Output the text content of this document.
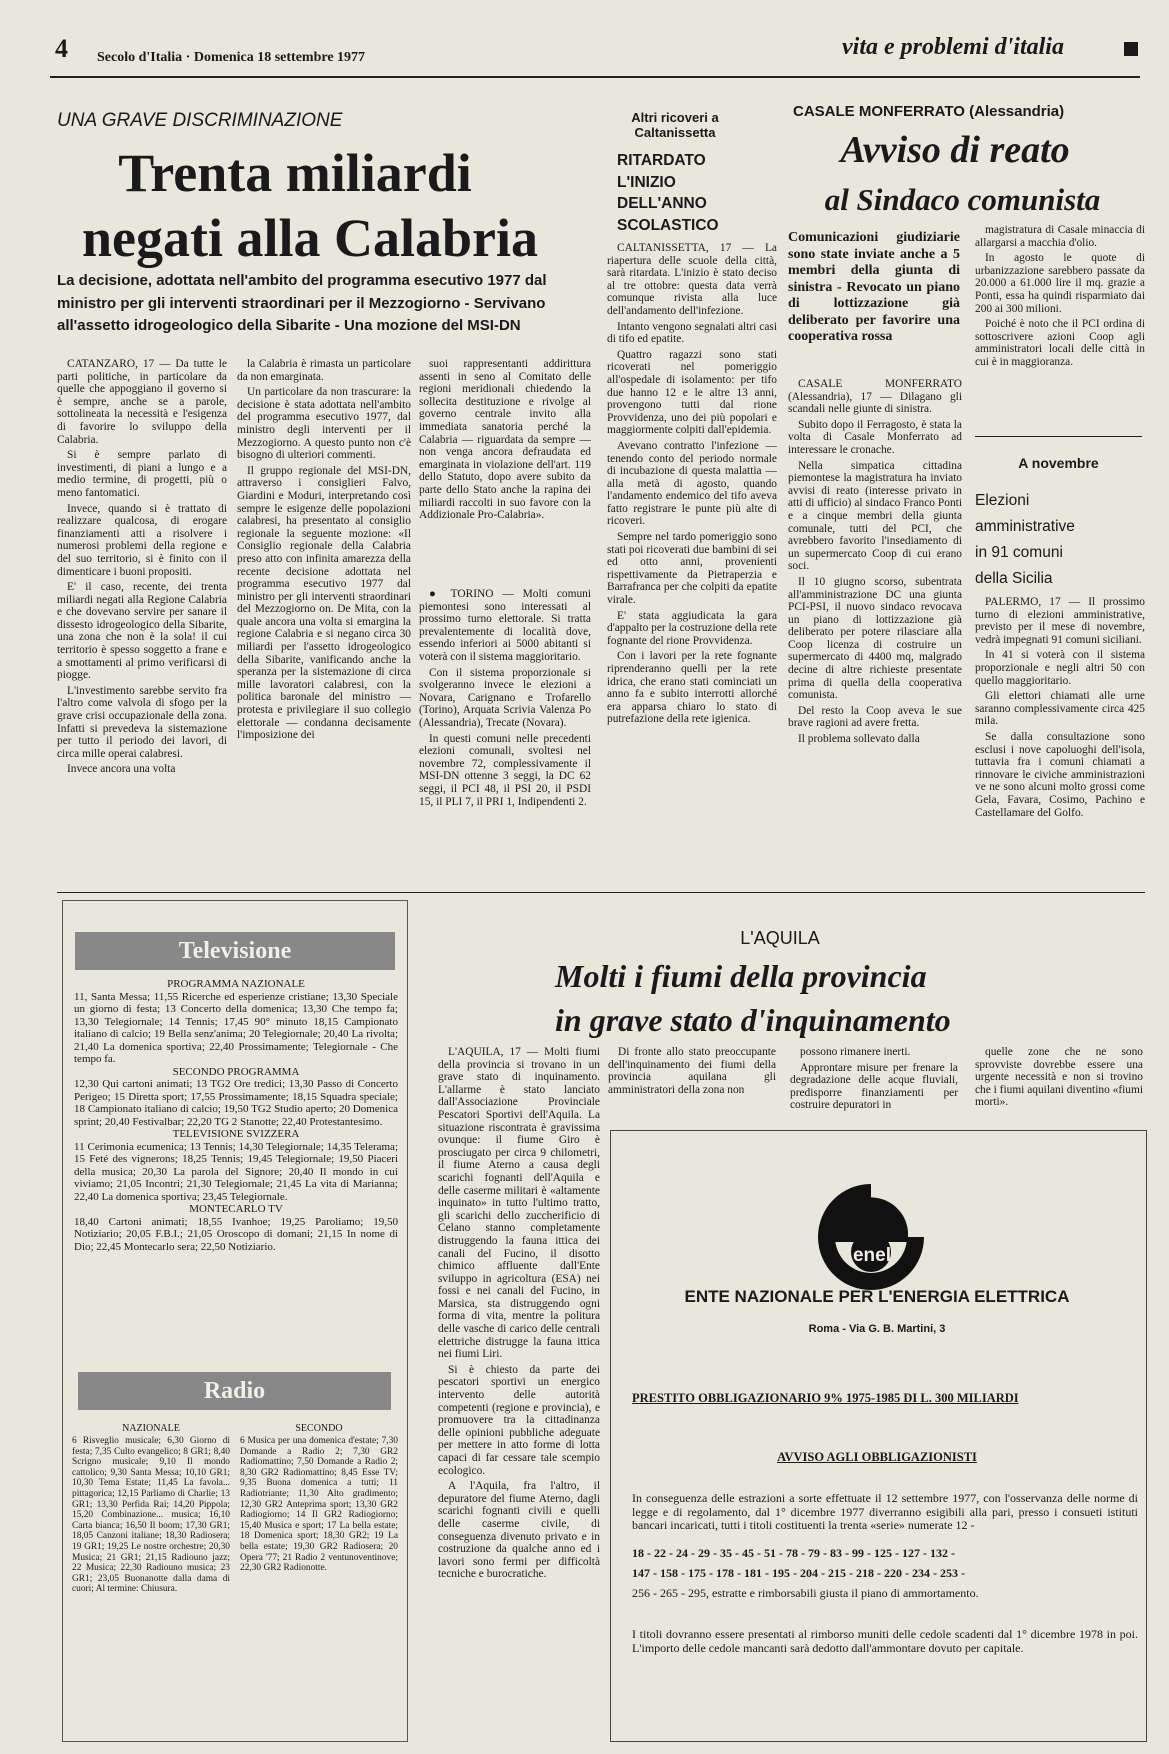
4 Secolo d'Italia · Domenica 18 settembre 1977	vita e problemi d'italia
UNA GRAVE DISCRIMINAZIONE
Trenta miliardi
negati alla Calabria
La decisione, adottata nell'ambito del programma esecutivo 1977 dal ministro per gli interventi straordinari per il Mezzogiorno - Servivano all'assetto idrogeologico della Sibarite - Una mozione del MSI-DN

CATANZARO, 17 — Da tutte le parti politiche, in particolare da quelle che appoggiano il governo si è sempre, anche se a parole, sottolineata la necessità e l'esigenza di favorire lo sviluppo della Calabria.

Si è sempre parlato di investimenti, di piani a lungo e a medio termine, di progetti, più o meno fantomatici.

Invece, quando si è trattato di realizzare qualcosa, di erogare finanziamenti atti a risolvere i numerosi problemi della regione e del suo territorio, si è finito con il dimenticare i buoni propositi.

E' il caso, recente, dei trenta miliardi negati alla Regione Calabria e che dovevano servire per sanare il dissesto idrogeologico della Sibarite, una zona che non è la sola! il cui territorio è spesso soggetto a frane e a smottamenti al primo verificarsi di piogge.

L'investimento sarebbe servito fra l'altro come valvola di sfogo per la grave crisi occupazionale della zona. Infatti si prevedeva la sistemazione per tutto il periodo dei lavori, di circa mille operai calabresi.

Invece ancora una volta

la Calabria è rimasta un particolare da non emarginata.

Un particolare da non trascurare: la decisione è stata adottata nell'ambito del programma esecutivo 1977, dal ministro degli interventi per il Mezzogiorno. A questo punto non c'è bisogno di ulteriori commenti.

Il gruppo regionale del MSI-DN, attraverso i consiglieri Falvo, Giardini e Moduri, interpretando così sempre le esigenze delle popolazioni calabresi, ha presentato al consiglio regionale la seguente mozione: «Il Consiglio regionale della Calabria preso atto con infinita amarezza della recente decisione adottata nel programma esecutivo 1977 dal ministro per gli interventi straordinari del Mezzogiorno on. De Mita, con la quale ancora una volta si emargina la regione Calabria e si negano circa 30 miliardi per l'assetto idrogeologico della Sibarite, vanificando anche la speranza per la sistemazione di circa mille lavoratori calabresi, con la politica baronale del ministro — protesta e privilegiare il suo collegio elettorale — condanna decisamente l'imposizione dei

suoi rappresentanti addirittura assenti in seno al Comitato delle regioni meridionali chiedendo la sollecita destituzione e rivolge al governo centrale invito alla immediata sanatoria perché la Calabria — riguardata da sempre — non venga ancora defraudata ed emarginata in violazione dell'art. 119 dello Statuto, dopo avere subito da parte dello Stato anche la rapina dei miliardi raccolti in suo favore con la Addizionale Pro-Calabria».

● TORINO — Molti comuni piemontesi sono interessati al prossimo turno elettorale. Si tratta prevalentemente di località dove, essendo inferiori ai 5000 abitanti si voterà con il sistema maggioritario.

Con il sistema proporzionale si svolgeranno invece le elezioni a Novara, Carignano e Trofarello (Torino), Arquata Scrivia Valenza Po (Alessandria), Trecate (Novara).

In questi comuni nelle precedenti elezioni comunali, svoltesi nel novembre 72, complessivamente il MSI-DN ottenne 3 seggi, la DC 62 seggi, il PCI 48, il PSI 20, il PSDI 15, il PLI 7, il PRI 1, Indipendenti 2.

Altri ricoveri a Caltanissetta
RITARDATO
L'INIZIO
DELL'ANNO
SCOLASTICO

CALTANISSETTA, 17 — La riapertura delle scuole della città, sarà ritardata. L'inizio è stato deciso al tre ottobre: questa data verrà comunque rivista alla luce dell'andamento dell'infezione.

Intanto vengono segnalati altri casi di tifo ed epatite.

Quattro ragazzi sono stati ricoverati nel pomeriggio all'ospedale di isolamento: per tifo due hanno 12 e le altre 13 anni, provengono tutti dal rione Provvidenza, uno dei più popolari e maggiormente colpiti dall'epidemia.

Avevano contratto l'infezione — tenendo conto del periodo normale di incubazione di questa malattia — alla metà di agosto, quando l'andamento endemico del tifo aveva fatto registrare le punte più alte di ricoveri.

Sempre nel tardo pomeriggio sono stati poi ricoverati due bambini di sei ed otto anni, provenienti rispettivamente da Pietraperzia e Barrafranca per che colpiti da epatite virale.

E' stata aggiudicata la gara d'appalto per la costruzione della rete fognante del rione Provvidenza.

Con i lavori per la rete fognante riprenderanno quelli per la rete idrica, che erano stati cominciati un anno fa e subito interrotti allorché era apparsa chiaro lo stato di putrefazione della rete igienica.

CASALE MONFERRATO (Alessandria)
Avviso di reato
al Sindaco comunista
Comunicazioni giudiziarie sono state inviate anche a 5 membri della giunta di sinistra - Revocato un piano di lottizzazione già deliberato per favorire una cooperativa rossa

CASALE MONFERRATO (Alessandria), 17 — Dilagano gli scandali nelle giunte di sinistra.

Subito dopo il Ferragosto, è stata la volta di Casale Monferrato ad interessare le cronache.

Nella simpatica cittadina piemontese la magistratura ha inviato avvisi di reato (interesse privato in atti di ufficio) al sindaco Franco Ponti e a cinque membri della giunta comunale, tutti del PCI, che avrebbero favorito l'insediamento di un supermercato Coop di cui erano soci.

Il 10 giugno scorso, subentrata all'amministrazione DC una giunta PCI-PSI, il nuovo sindaco revocava un piano di lottizzazione già deliberato per potere rilasciare alla Coop licenza di costruire un supermercato di 4400 mq, malgrado decine di altre richieste presentate prima di quella della cooperativa comunista.

Del resto la Coop aveva le sue brave ragioni ad avere fretta.

Il problema sollevato dalla

magistratura di Casale minaccia di allargarsi a macchia d'olio.

In agosto le quote di urbanizzazione sarebbero passate da 20.000 a 61.000 lire il mq. grazie a Ponti, essa ha quindi risparmiato dai 200 ai 300 milioni.

Poiché è noto che il PCI ordina di sottoscrivere azioni Coop agli amministratori locali delle città in cui è in maggioranza.

A novembre
Elezioni
amministrative
in 91 comuni
della Sicilia

PALERMO, 17 — Il prossimo turno di elezioni amministrative, previsto per il mese di novembre, vedrà impegnati 91 comuni siciliani.

In 41 si voterà con il sistema proporzionale e negli altri 50 con quello maggioritario.

Gli elettori chiamati alle urne saranno complessivamente circa 425 mila.

Se dalla consultazione sono esclusi i nove capoluoghi dell'isola, tuttavia fra i comuni chiamati a rinnovare le civiche amministrazioni ve ne sono alcuni molto grossi come Gela, Favara, Cosimo, Pachino e Castellamare del Golfo.

Televisione

PROGRAMMA NAZIONALE

11, Santa Messa; 11,55 Ricerche ed esperienze cristiane; 13,30 Speciale un giorno di festa; 13 Concerto della domenica; 13,30 Che tempo fa; 13,30 Telegiornale; 14 Tennis; 17,45 90° minuto 18,15 Campionato italiano di calcio; 19 Bella senz'anima; 20 Telegiornale; 20,40 La rivolta; 21,40 La domenica sportiva; 22,40 Prossimamente; Telegiornale - Che tempo fa.

SECONDO PROGRAMMA

12,30 Qui cartoni animati; 13 TG2 Ore tredici; 13,30 Passo di Concerto Perigeo; 15 Diretta sport; 17,55 Prossimamente; 18,15 Squadra speciale; 18 Campionato italiano di calcio; 19,50 TG2 Studio aperto; 20 Domenica sprint; 20,40 Festivalbar; 22,20 TG 2 Stanotte; 22,40 Protestantesimo.

TELEVISIONE SVIZZERA

11 Cerimonia ecumenica; 13 Tennis; 14,30 Telegiornale; 14,35 Telerama; 15 Feté des vignerons; 18,25 Tennis; 19,45 Telegiornale; 19,50 Piaceri della musica; 20,30 La parola del Signore; 20,40 Il mondo in cui viviamo; 21,05 Incontri; 21,30 Telegiornale; 21,45 La vita di Marianna; 22,40 La domenica sportiva; 23,45 Telegiornale.

MONTECARLO TV

18,40 Cartoni animati; 18,55 Ivanhoe; 19,25 Paroliamo; 19,50 Notiziario; 20,05 F.B.I.; 21,05 Oroscopo di domani; 21,15 In nome di Dio; 22,45 Montecarlo sera; 22,50 Notiziario.

Radio
NAZIONALE	SECONDO

6 Risveglio musicale; 6,30 Giorno di festa; 7,35 Culto evangelico; 8 GR1; 8,40 Scrigno musicale; 9,10 Il mondo cattolico; 9,30 Santa Messa; 10,10 GR1; 10,30 Tema Estate; 11,45 La favola... pittagorica; 12,15 Parliamo di Charlie; 13 GR1; 13,30 Perfida Rai; 14,20 Pippola; 15,20 Combinazione... musica; 16,10 Carta bianca; 16,50 Il boom; 17,30 GR1; 18,05 Canzoni italiane; 18,30 Radiosera; 19 GR1; 19,25 Le nostre orchestre; 20,30 Musica; 21 GR1; 21,15 Radiouno jazz; 22 Musica; 22,30 Radiouno musica; 23 GR1; 23,05 Buonanotte dalla dama di cuori; Al termine: Chiusura.

6 Musica per una domenica d'estate; 7,30 Domande a Radio 2; 7,30 GR2 Radiomattino; 7,50 Domande a Radio 2; 8,30 GR2 Radiomattino; 8,45 Esse TV; 9,35 Buona domenica a tutti; 11 Radiotriante; 11,30 Alto gradimento; 12,30 GR2 Anteprima sport; 13,30 GR2 Radiogiorno; 14 Il GR2 Radiogiorno; 15,40 Musica e sport; 17 La bella estate; 18 Domenica sport; 18,30 GR2; 19 La bella estate; 19,30 GR2 Radiosera; 20 Opera '77; 21 Radio 2 ventunoventinove; 22,30 GR2 Radionotte.

L'AQUILA
Molti i fiumi della provincia
in grave stato d'inquinamento

L'AQUILA, 17 — Molti fiumi della provincia si trovano in un grave stato di inquinamento. L'allarme è stato lanciato dall'Associazione Provinciale Pescatori Sportivi dell'Aquila. La situazione riscontrata è gravissima ovunque: il fiume Giro è prosciugato per circa 9 chilometri, il fiume Aterno a causa degli scarichi fognanti dell'Aquila e delle caserme militari è «altamente inquinato» in tutto l'ultimo tratto, gli scarichi dello zuccherificio di Celano stanno completamente distruggendo la fauna ittica dei canali del Fucino, il disotto chimico affluente dall'Ente sviluppo in agricoltura (ESA) nei fossi e nei canali del Fucino, in Marsica, sta distruggendo ogni forma di vita, mentre la politura delle vasche di carico delle centrali elettriche distrugge la fauna ittica nei fiumi Liri.

Si è chiesto da parte dei pescatori sportivi un energico intervento delle autorità competenti (regione e provincia), e promuovere tra la cittadinanza delle opinioni pubbliche adeguate per mettere in atto forme di lotta capaci di far cessare tale scempio ecologico.

A l'Aquila, fra l'altro, il depuratore del fiume Aterno, dagli scarichi fognanti civili e quelli delle caserme civile, di conseguenza divenuto privato e in costruzione da qualche anno ed i lavori sono fermi per difficoltà tecniche e burocratiche.

Di fronte allo stato preoccupante dell'inquinamento dei fiumi della provincia aquilana gli amministratori della zona non

possono rimanere inerti.

Approntare misure per frenare la degradazione delle acque fluviali, predisporre finanziamenti per costruire depuratori in

quelle zone che ne sono sprovviste dovrebbe essere una urgente necessità e non si trovino che i fiumi aquilani diventino «fiumi morti».

enel
ENTE NAZIONALE PER L'ENERGIA ELETTRICA
Roma - Via G. B. Martini, 3
PRESTITO OBBLIGAZIONARIO 9% 1975-1985 DI L. 300 MILIARDI
AVVISO AGLI OBBLIGAZIONISTI
In conseguenza delle estrazioni a sorte effettuate il 12 settembre 1977, con l'osservanza delle norme di legge e di regolamento, dal 1° dicembre 1977 diverranno esigibili alla pari, presso i consueti istituti bancari incaricati, tutti i titoli costituenti la trenta «serie» numerate 12 -
18 - 22 - 24 - 29 - 35 - 45 - 51 - 78 - 79 - 83 - 99 - 125 - 127 - 132 -
147 - 158 - 175 - 178 - 181 - 195 - 204 - 215 - 218 - 220 - 234 - 253 -
256 - 265 - 295, estratte e rimborsabili giusta il piano di ammortamento.
I titoli dovranno essere presentati al rimborso muniti delle cedole scadenti dal 1° dicembre 1978 in poi. L'importo delle cedole mancanti sarà dedotto dall'ammontare dovuto per capitale.
